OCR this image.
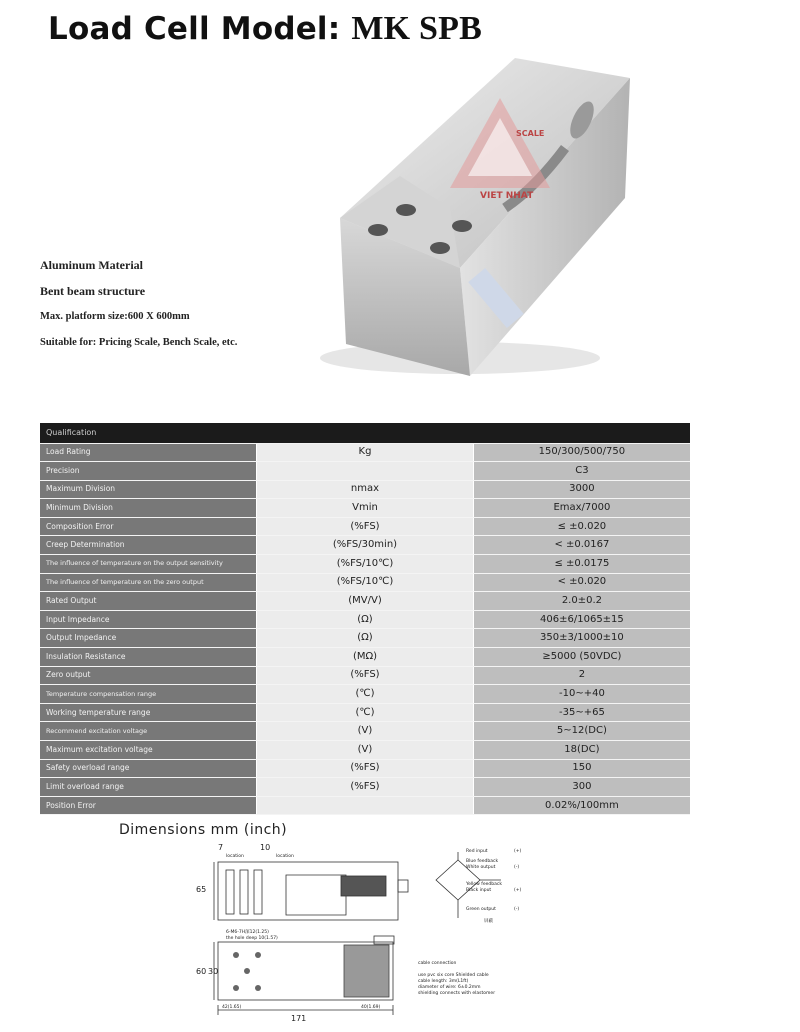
Load Cell Model: MK SPB
SCALE
VIET NHAT
Aluminum Material
Bent beam structure
Max. platform size:600 X 600mm
Suitable for: Pricing Scale, Bench Scale, etc.
Qualification		
Load Rating	Kg	150/300/500/750
Precision		C3
Maximum Division	nmax	3000
Minimum Division	Vmin	Emax/7000
Composition Error	(%FS)	≤ ±0.020
Creep Determination	(%FS/30min)	< ±0.0167
The influence of temperature on the output sensitivity	(%FS/10℃)	≤ ±0.0175
The influence of temperature on the zero output	(%FS/10℃)	< ±0.020
Rated Output	(MV/V)	2.0±0.2
Input Impedance	(Ω)	406±6/1065±15
Output Impedance	(Ω)	350±3/1000±10
Insulation Resistance	(MΩ)	≥5000 (50VDC)
Zero output	(%FS)	2
Temperature compensation range	(℃)	-10~+40
Working temperature range	(℃)	-35~+65
Recommend excitation voltage	(V)	5~12(DC)
Maximum excitation voltage	(V)	18(DC)
Safety overload range	(%FS)	150
Limit overload range	(%FS)	300
Position Error		0.02%/100mm
Dimensions mm (inch)
7	10
65
60 30
171
location	location
6-M6-7H深12(1.25)
the hole deep 10(1.57)
42(1.65)	40(1.69)
Red input
Blue feedback
White output
Yellow feedback
Black input
Green output
(+)
(-)
(+)
(-)
屏蔽
cable connection
use pvc six core Shielded cable
cable length: 3m(L1ft)
diameter of wire: 6±0.2mm
shielding connects with elastomer
